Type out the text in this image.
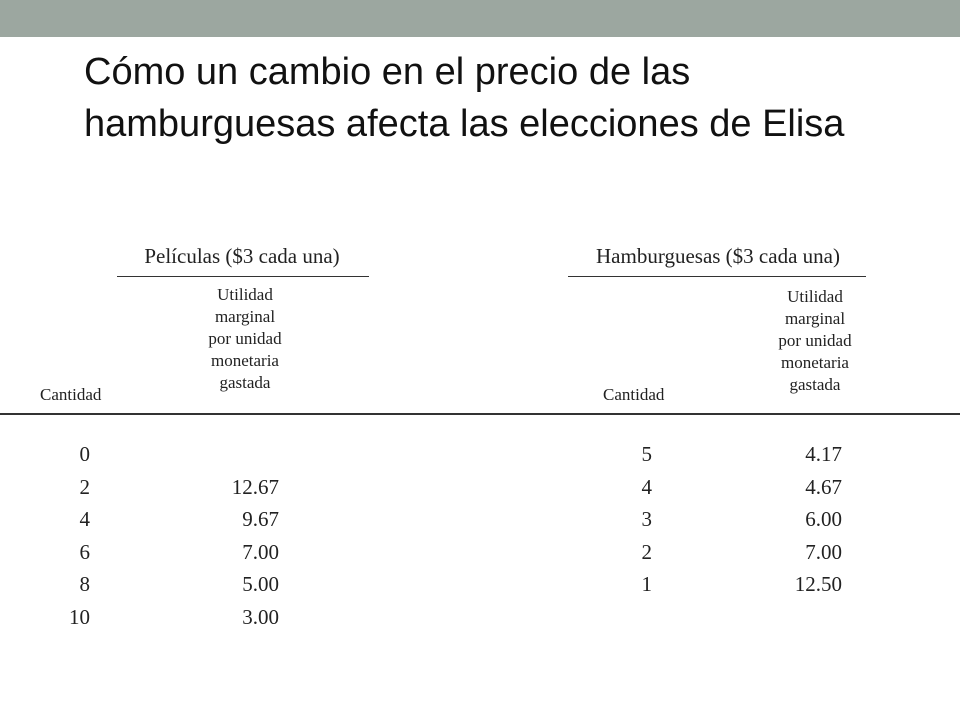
Cómo un cambio en el precio de las hamburguesas afecta las elecciones de Elisa
Películas ($3 cada una)
Utilidad
marginal
por unidad
monetaria
gastada
Cantidad
Hamburguesas ($3 cada una)
Utilidad
marginal
por unidad
monetaria
gastada
Cantidad
0
2
4
6
8
10
12.67
9.67
7.00
5.00
3.00
5
4
3
2
1
4.17
4.67
6.00
7.00
12.50
